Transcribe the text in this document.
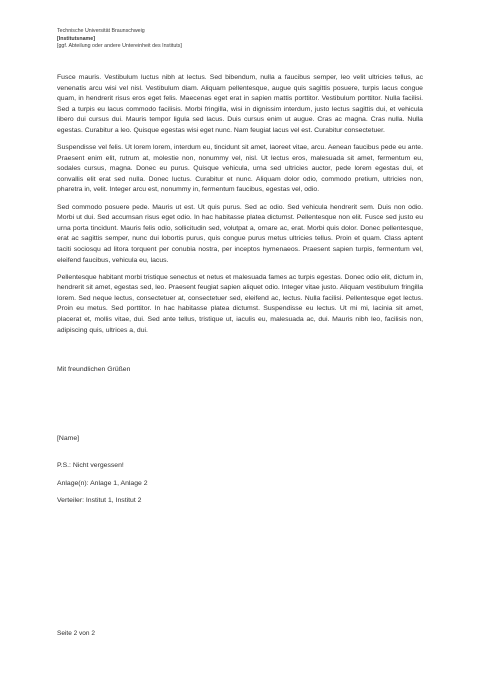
Technische Universität Braunschweig
[Institutsname]
[ggf. Abteilung oder andere Untereinheit des Instituts]

Fusce mauris. Vestibulum luctus nibh at lectus. Sed bibendum, nulla a faucibus semper, leo velit ultricies tellus, ac venenatis arcu wisi vel nisl. Vestibulum diam. Aliquam pellentesque, augue quis sagittis posuere, turpis lacus congue quam, in hendrerit risus eros eget felis. Maecenas eget erat in sapien mattis porttitor. Vestibulum porttitor. Nulla facilisi. Sed a turpis eu lacus commodo facilisis. Morbi fringilla, wisi in dignissim interdum, justo lectus sagittis dui, et vehicula libero dui cursus dui. Mauris tempor ligula sed lacus. Duis cursus enim ut augue. Cras ac magna. Cras nulla. Nulla egestas. Curabitur a leo. Quisque egestas wisi eget nunc. Nam feugiat lacus vel est. Curabitur consectetuer.

Suspendisse vel felis. Ut lorem lorem, interdum eu, tincidunt sit amet, laoreet vitae, arcu. Aenean faucibus pede eu ante. Praesent enim elit, rutrum at, molestie non, nonummy vel, nisl. Ut lectus eros, malesuada sit amet, fermentum eu, sodales cursus, magna. Donec eu purus. Quisque vehicula, urna sed ultricies auctor, pede lorem egestas dui, et convallis elit erat sed nulla. Donec luctus. Curabitur et nunc. Aliquam dolor odio, commodo pretium, ultricies non, pharetra in, velit. Integer arcu est, nonummy in, fermentum faucibus, egestas vel, odio.

Sed commodo posuere pede. Mauris ut est. Ut quis purus. Sed ac odio. Sed vehicula hendrerit sem. Duis non odio. Morbi ut dui. Sed accumsan risus eget odio. In hac habitasse platea dictumst. Pellentesque non elit. Fusce sed justo eu urna porta tincidunt. Mauris felis odio, sollicitudin sed, volutpat a, ornare ac, erat. Morbi quis dolor. Donec pellentesque, erat ac sagittis semper, nunc dui lobortis purus, quis congue purus metus ultricies tellus. Proin et quam. Class aptent taciti sociosqu ad litora torquent per conubia nostra, per inceptos hymenaeos. Praesent sapien turpis, fermentum vel, eleifend faucibus, vehicula eu, lacus.

Pellentesque habitant morbi tristique senectus et netus et malesuada fames ac turpis egestas. Donec odio elit, dictum in, hendrerit sit amet, egestas sed, leo. Praesent feugiat sapien aliquet odio. Integer vitae justo. Aliquam vestibulum fringilla lorem. Sed neque lectus, consectetuer at, consectetuer sed, eleifend ac, lectus. Nulla facilisi. Pellentesque eget lectus. Proin eu metus. Sed porttitor. In hac habitasse platea dictumst. Suspendisse eu lectus. Ut mi mi, lacinia sit amet, placerat et, mollis vitae, dui. Sed ante tellus, tristique ut, iaculis eu, malesuada ac, dui. Mauris nibh leo, facilisis non, adipiscing quis, ultrices a, dui.

Mit freundlichen Grüßen
[Name]
P.S.: Nicht vergessen!
Anlage(n): Anlage 1, Anlage 2
Verteiler: Institut 1, Institut 2
Seite 2 von 2
